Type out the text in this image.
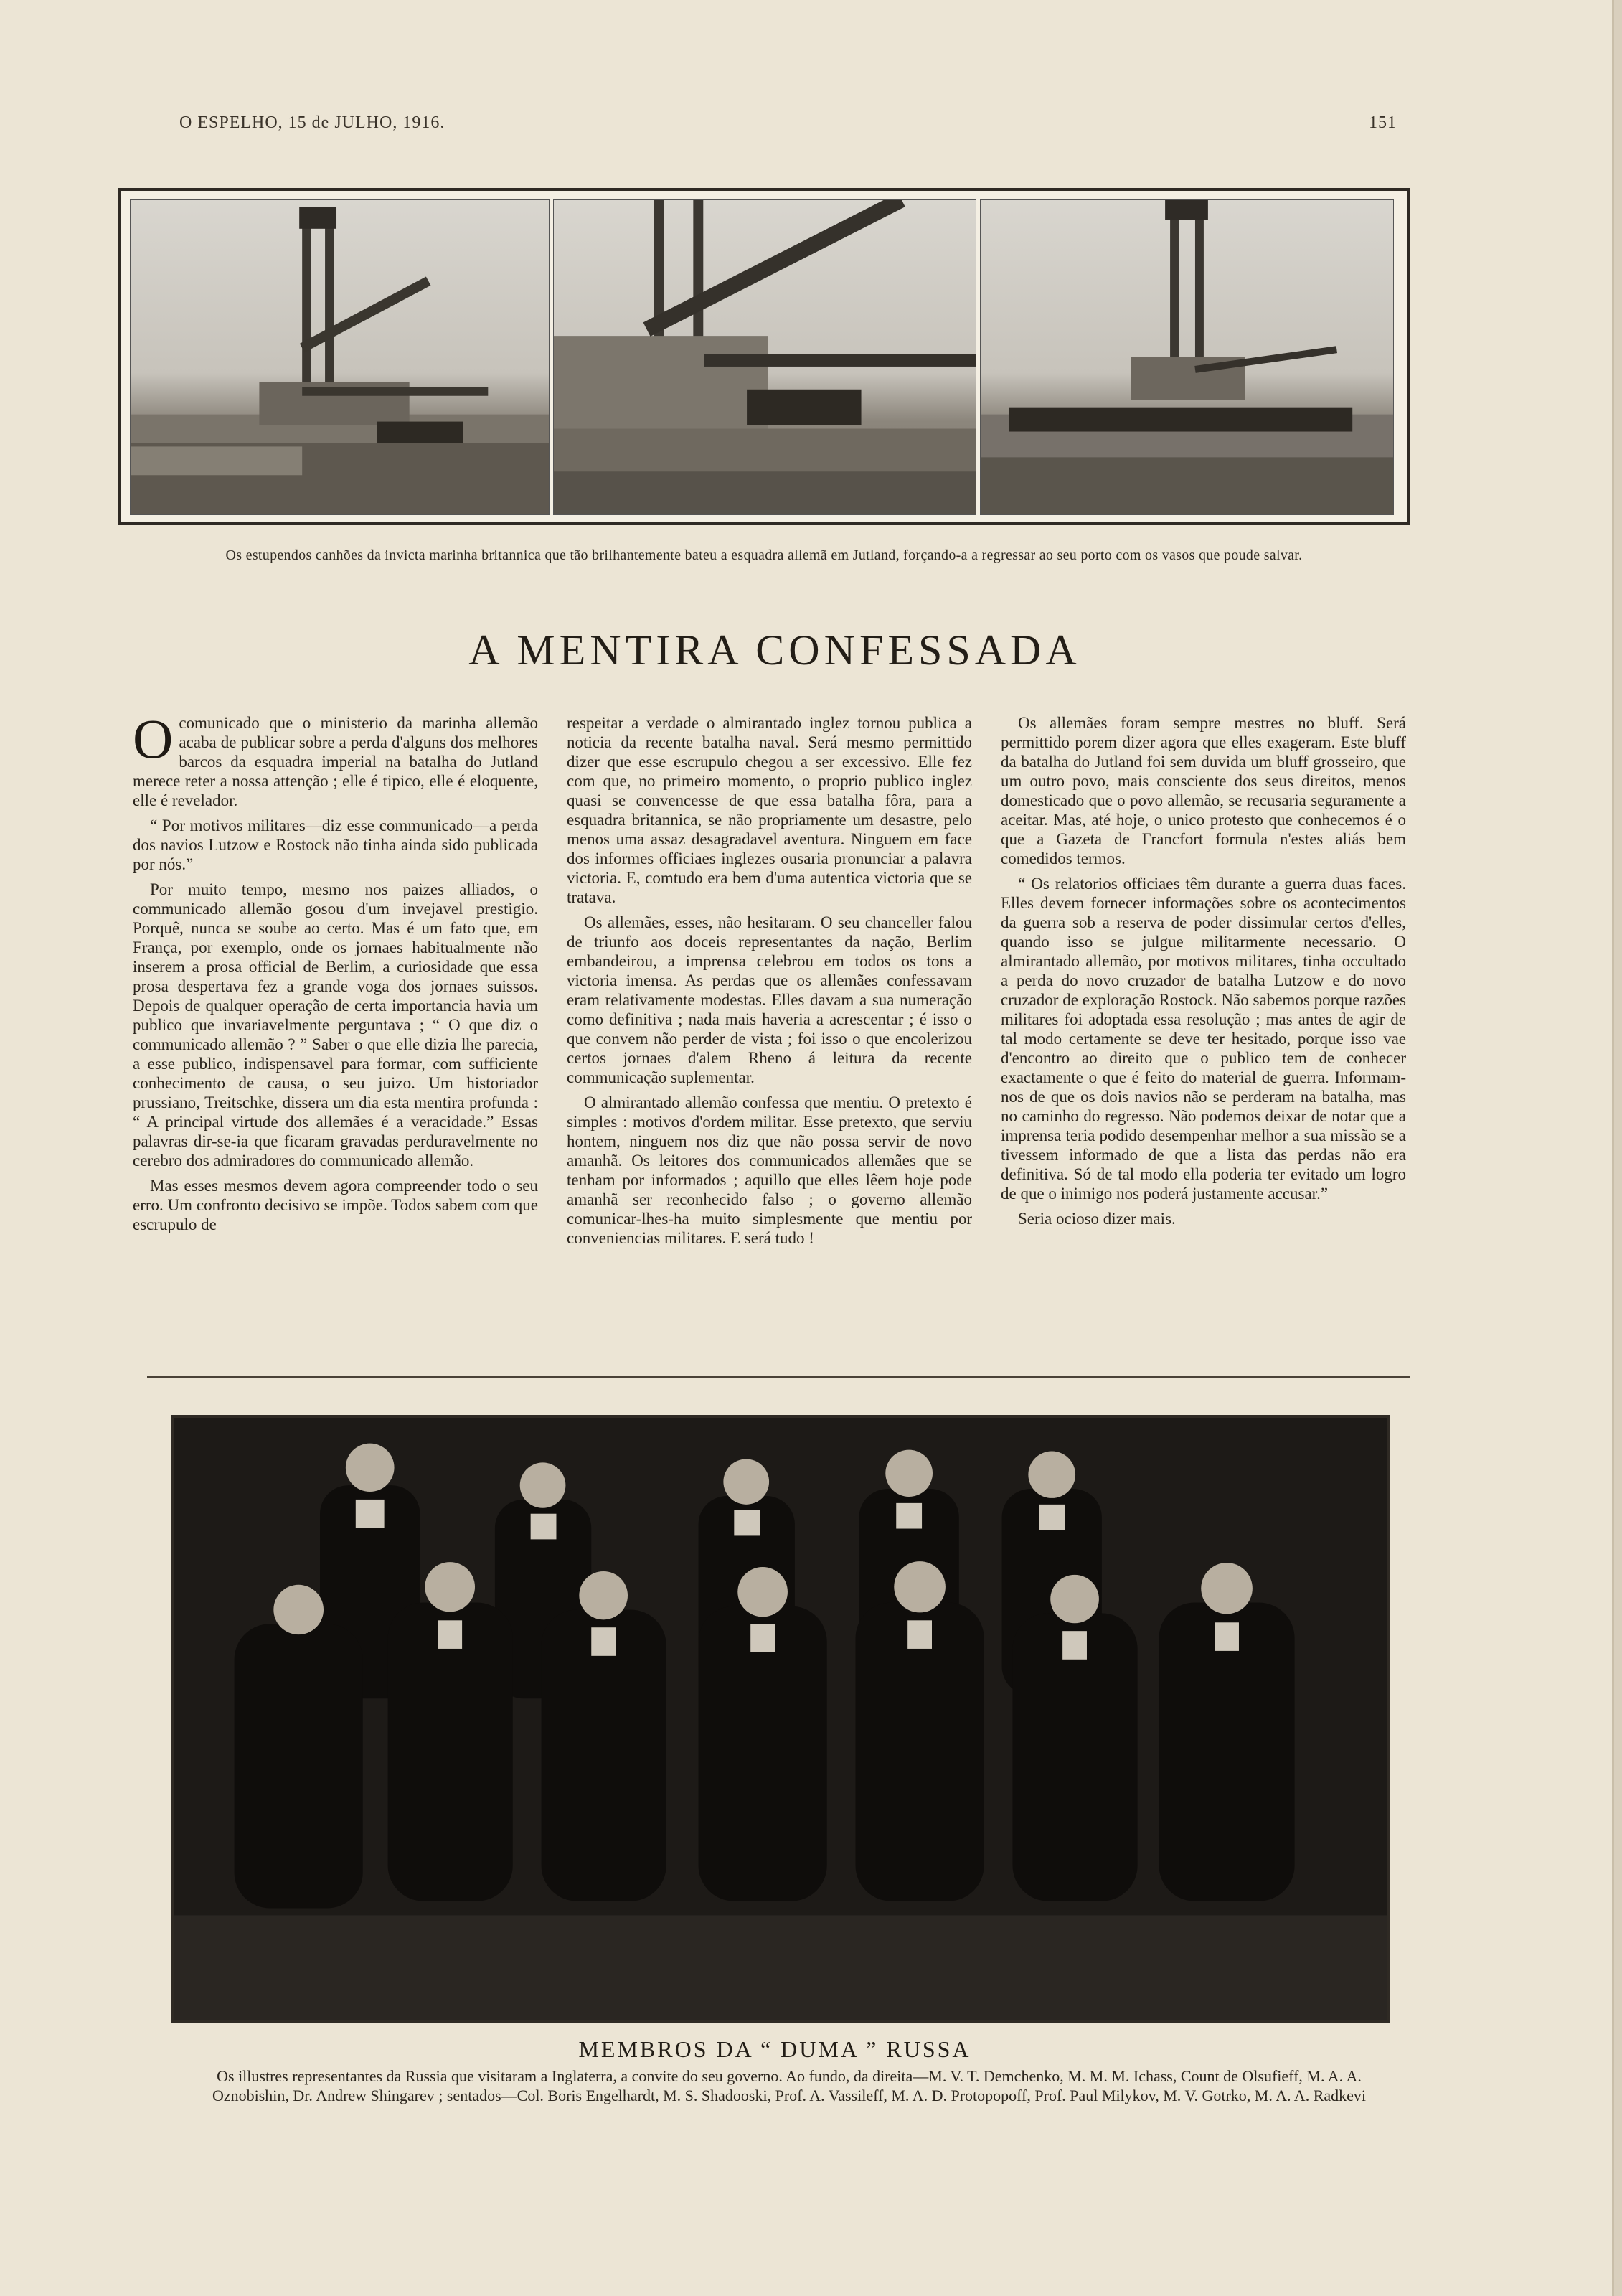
O ESPELHO, 15 de JULHO, 1916.	151
Os estupendos canhões da invicta marinha britannica que tão brilhantemente bateu a esquadra allemã em Jutland, forçando-a a regressar ao seu porto com os vasos que poude salvar.
A MENTIRA CONFESSADA

Ocomunicado que o ministerio da marinha allemão acaba de publicar sobre a perda d'alguns dos melhores barcos da esquadra imperial na batalha do Jutland merece reter a nossa attenção ; elle é tipico, elle é eloquente, elle é revelador.

“ Por motivos militares—diz esse communicado—a perda dos navios Lutzow e Rostock não tinha ainda sido publicada por nós.”

Por muito tempo, mesmo nos paizes alliados, o communicado allemão gosou d'um invejavel prestigio. Porquê, nunca se soube ao certo. Mas é um fato que, em França, por exemplo, onde os jornaes habitualmente não inserem a prosa official de Berlim, a curiosidade que essa prosa despertava fez a grande voga dos jornaes suissos. Depois de qualquer operação de certa importancia havia um publico que invariavelmente perguntava ; “ O que diz o communicado allemão ? ” Saber o que elle dizia lhe parecia, a esse publico, indispensavel para formar, com sufficiente conhecimento de causa, o seu juizo. Um historiador prussiano, Treitschke, dissera um dia esta mentira profunda : “ A principal virtude dos allemães é a veracidade.” Essas palavras dir-se-ia que ficaram gravadas perduravelmente no cerebro dos admiradores do communicado allemão.

Mas esses mesmos devem agora compreender todo o seu erro. Um confronto decisivo se impõe. Todos sabem com que escrupulo de

respeitar a verdade o almirantado inglez tornou publica a noticia da recente batalha naval. Será mesmo permittido dizer que esse escrupulo chegou a ser excessivo. Elle fez com que, no primeiro momento, o proprio publico inglez quasi se convencesse de que essa batalha fôra, para a esquadra britannica, se não propriamente um desastre, pelo menos uma assaz desagradavel aventura. Ninguem em face dos informes officiaes inglezes ousaria pronunciar a palavra victoria. E, comtudo era bem d'uma autentica victoria que se tratava.

Os allemães, esses, não hesitaram. O seu chanceller falou de triunfo aos doceis representantes da nação, Berlim embandeirou, a imprensa celebrou em todos os tons a victoria imensa. As perdas que os allemães confessavam eram relativamente modestas. Elles davam a sua numeração como definitiva ; nada mais haveria a acrescentar ; é isso o que convem não perder de vista ; foi isso o que encolerizou certos jornaes d'alem Rheno á leitura da recente communicação suplementar.

O almirantado allemão confessa que mentiu. O pretexto é simples : motivos d'ordem militar. Esse pretexto, que serviu hontem, ninguem nos diz que não possa servir de novo amanhã. Os leitores dos communicados allemães que se tenham por informados ; aquillo que elles lêem hoje pode amanhã ser reconhecido falso ; o governo allemão comunicar-lhes-ha muito simplesmente que mentiu por conveniencias militares. E será tudo !

Os allemães foram sempre mestres no bluff. Será permittido porem dizer agora que elles exageram. Este bluff da batalha do Jutland foi sem duvida um bluff grosseiro, que um outro povo, mais consciente dos seus direitos, menos domesticado que o povo allemão, se recusaria seguramente a aceitar. Mas, até hoje, o unico protesto que conhecemos é o que a Gazeta de Francfort formula n'estes aliás bem comedidos termos.

“ Os relatorios officiaes têm durante a guerra duas faces. Elles devem fornecer informações sobre os acontecimentos da guerra sob a reserva de poder dissimular certos d'elles, quando isso se julgue militarmente necessario. O almirantado allemão, por motivos militares, tinha occultado a perda do novo cruzador de batalha Lutzow e do novo cruzador de exploração Rostock. Não sabemos porque razões militares foi adoptada essa resolução ; mas antes de agir de tal modo certamente se deve ter hesitado, porque isso vae d'encontro ao direito que o publico tem de conhecer exactamente o que é feito do material de guerra. Informam-nos de que os dois navios não se perderam na batalha, mas no caminho do regresso. Não podemos deixar de notar que a imprensa teria podido desempenhar melhor a sua missão se a tivessem informado de que a lista das perdas não era definitiva. Só de tal modo ella poderia ter evitado um logro de que o inimigo nos poderá justamente accusar.”

Seria ocioso dizer mais.

MEMBROS DA “ DUMA ” RUSSA
Os illustres representantes da Russia que visitaram a Inglaterra, a convite do seu governo. Ao fundo, da direita—M. V. T. Demchenko, M. M. M. Ichass, Count de Olsufieff, M. A. A. Oznobishin, Dr. Andrew Shingarev ; sentados—Col. Boris Engelhardt, M. S. Shadooski, Prof. A. Vassileff, M. A. D. Protopopoff, Prof. Paul Milykov, M. V. Gotrko, M. A. A. Radkevi
